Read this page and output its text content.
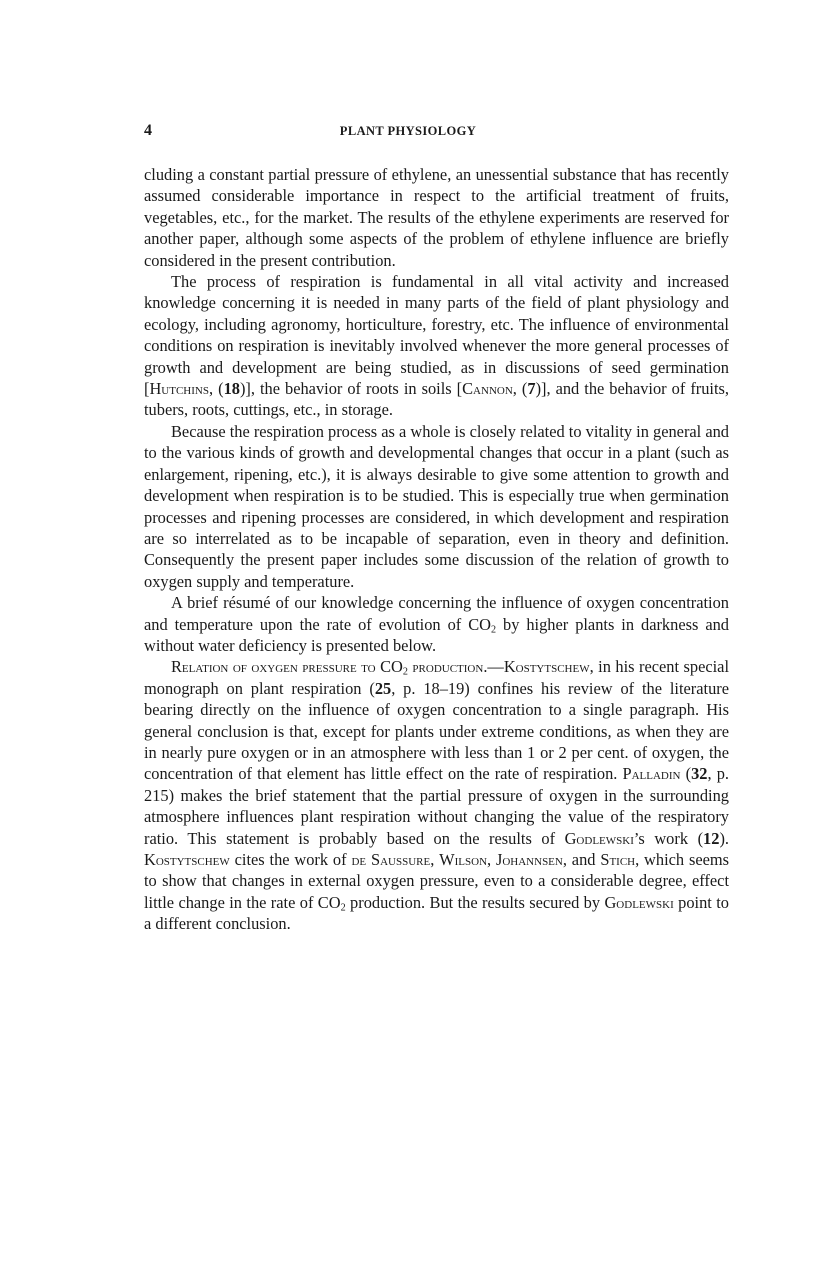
4	PLANT PHYSIOLOGY

cluding a constant partial pressure of ethylene, an unessential substance that has recently assumed considerable importance in respect to the artificial treatment of fruits, vegetables, etc., for the market. The results of the ethylene experiments are reserved for another paper, although some aspects of the problem of ethylene influence are briefly considered in the present contribution.

The process of respiration is fundamental in all vital activity and increased knowledge concerning it is needed in many parts of the field of plant physiology and ecology, including agronomy, horticulture, forestry, etc. The influence of environmental conditions on respiration is inevitably involved whenever the more general processes of growth and development are being studied, as in discussions of seed germination [Hutchins, (18)], the behavior of roots in soils [Cannon, (7)], and the behavior of fruits, tubers, roots, cuttings, etc., in storage.

Because the respiration process as a whole is closely related to vitality in general and to the various kinds of growth and developmental changes that occur in a plant (such as enlargement, ripening, etc.), it is always desirable to give some attention to growth and development when respiration is to be studied. This is especially true when germination processes and ripening processes are considered, in which development and respiration are so interrelated as to be incapable of separation, even in theory and definition. Consequently the present paper includes some discussion of the relation of growth to oxygen supply and temperature.

A brief résumé of our knowledge concerning the influence of oxygen concentration and temperature upon the rate of evolution of $CO_2$ by higher plants in darkness and without water deficiency is presented below.

Relation of oxygen pressure to $CO_2$ production.—Kostytschew, in his recent special monograph on plant respiration (25, p. 18–19) confines his review of the literature bearing directly on the influence of oxygen concentration to a single paragraph. His general conclusion is that, except for plants under extreme conditions, as when they are in nearly pure oxygen or in an atmosphere with less than 1 or 2 per cent. of oxygen, the concentration of that element has little effect on the rate of respiration. Palladin (32, p. 215) makes the brief statement that the partial pressure of oxygen in the surrounding atmosphere influences plant respiration without changing the value of the respiratory ratio. This statement is probably based on the results of Godlewski’s work (12). Kostytschew cites the work of de Saussure, Wilson, Johannsen, and Stich, which seems to show that changes in external oxygen pressure, even to a considerable degree, effect little change in the rate of $CO_2$ production. But the results secured by Godlewski point to a different conclusion.
